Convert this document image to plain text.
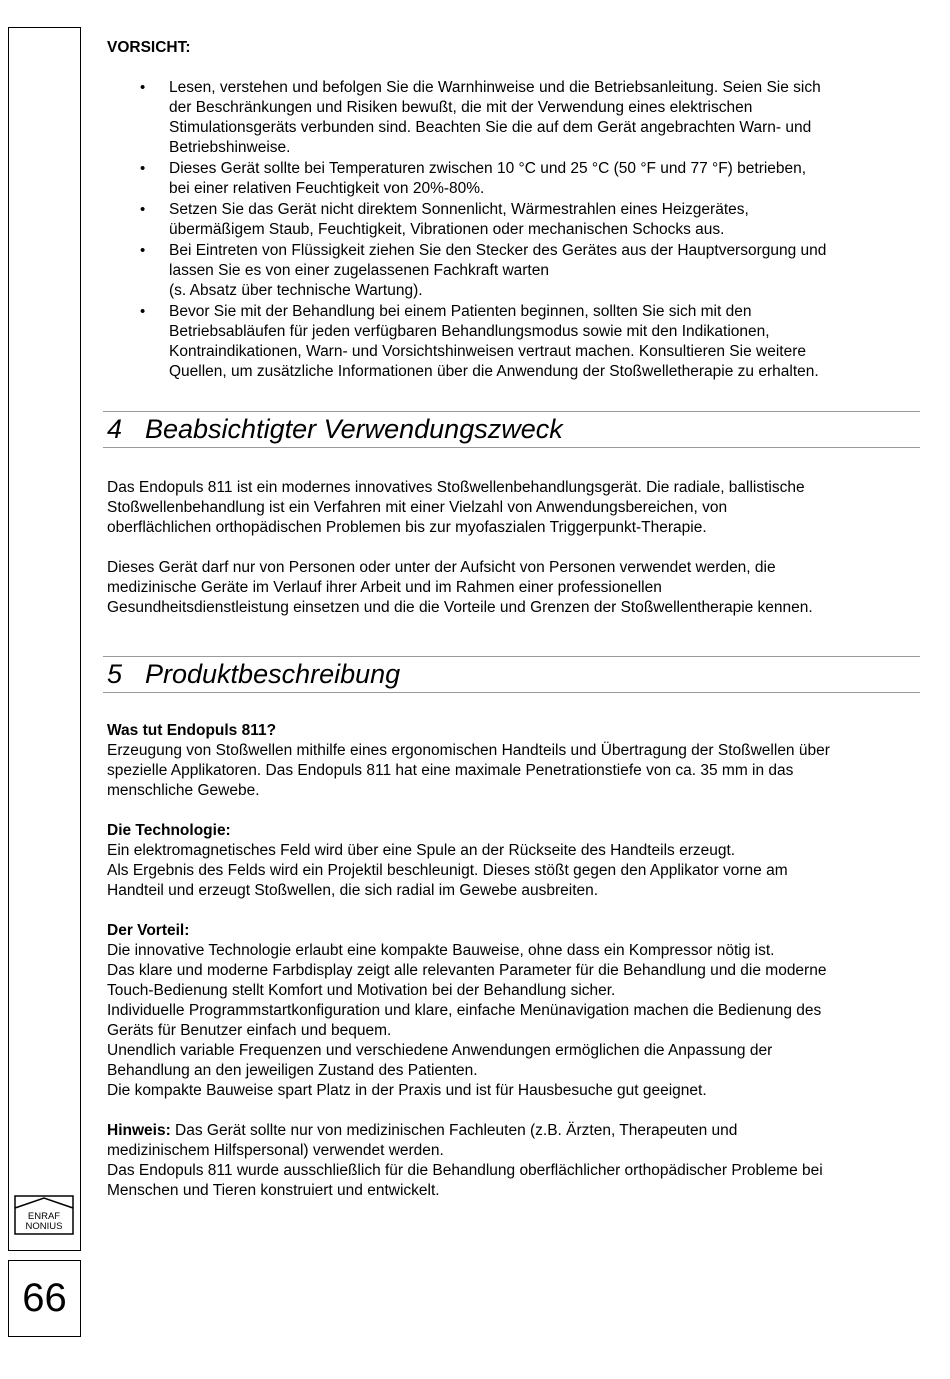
ENRAF
NONIUS
66

VORSICHT:

• Lesen, verstehen und befolgen Sie die Warnhinweise und die Betriebsanleitung. Seien Sie sich
der Beschränkungen und Risiken bewußt, die mit der Verwendung eines elektrischen
Stimulationsgeräts verbunden sind. Beachten Sie die auf dem Gerät angebrachten Warn- und
Betriebshinweise.
• Dieses Gerät sollte bei Temperaturen zwischen 10 °C und 25 °C (50 °F und 77 °F) betrieben,
bei einer relativen Feuchtigkeit von 20%-80%.
• Setzen Sie das Gerät nicht direktem Sonnenlicht, Wärmestrahlen eines Heizgerätes,
übermäßigem Staub, Feuchtigkeit, Vibrationen oder mechanischen Schocks aus.
• Bei Eintreten von Flüssigkeit ziehen Sie den Stecker des Gerätes aus der Hauptversorgung und
lassen Sie es von einer zugelassenen Fachkraft warten
(s. Absatz über technische Wartung).
• Bevor Sie mit der Behandlung bei einem Patienten beginnen, sollten Sie sich mit den
Betriebsabläufen für jeden verfügbaren Behandlungsmodus sowie mit den Indikationen,
Kontraindikationen, Warn- und Vorsichtshinweisen vertraut machen. Konsultieren Sie weitere
Quellen, um zusätzliche Informationen über die Anwendung der Stoßwelletherapie zu erhalten.
4 Beabsichtigter Verwendungszweck

Das Endopuls 811 ist ein modernes innovatives Stoßwellenbehandlungsgerät. Die radiale, ballistische

Stoßwellenbehandlung ist ein Verfahren mit einer Vielzahl von Anwendungsbereichen, von

oberflächlichen orthopädischen Problemen bis zur myofaszialen Triggerpunkt-Therapie.

Dieses Gerät darf nur von Personen oder unter der Aufsicht von Personen verwendet werden, die

medizinische Geräte im Verlauf ihrer Arbeit und im Rahmen einer professionellen

Gesundheitsdienstleistung einsetzen und die die Vorteile und Grenzen der Stoßwellentherapie kennen.

5 Produktbeschreibung

Was tut Endopuls 811?

Erzeugung von Stoßwellen mithilfe eines ergonomischen Handteils und Übertragung der Stoßwellen über

spezielle Applikatoren. Das Endopuls 811 hat eine maximale Penetrationstiefe von ca. 35 mm in das

menschliche Gewebe.

Die Technologie:

Ein elektromagnetisches Feld wird über eine Spule an der Rückseite des Handteils erzeugt.

Als Ergebnis des Felds wird ein Projektil beschleunigt. Dieses stößt gegen den Applikator vorne am

Handteil und erzeugt Stoßwellen, die sich radial im Gewebe ausbreiten.

Der Vorteil:

Die innovative Technologie erlaubt eine kompakte Bauweise, ohne dass ein Kompressor nötig ist.

Das klare und moderne Farbdisplay zeigt alle relevanten Parameter für die Behandlung und die moderne

Touch-Bedienung stellt Komfort und Motivation bei der Behandlung sicher.

Individuelle Programmstartkonfiguration und klare, einfache Menünavigation machen die Bedienung des

Geräts für Benutzer einfach und bequem.

Unendlich variable Frequenzen und verschiedene Anwendungen ermöglichen die Anpassung der

Behandlung an den jeweiligen Zustand des Patienten.

Die kompakte Bauweise spart Platz in der Praxis und ist für Hausbesuche gut geeignet.

Hinweis: Das Gerät sollte nur von medizinischen Fachleuten (z.B. Ärzten, Therapeuten und

medizinischem Hilfspersonal) verwendet werden.

Das Endopuls 811 wurde ausschließlich für die Behandlung oberflächlicher orthopädischer Probleme bei

Menschen und Tieren konstruiert und entwickelt.
